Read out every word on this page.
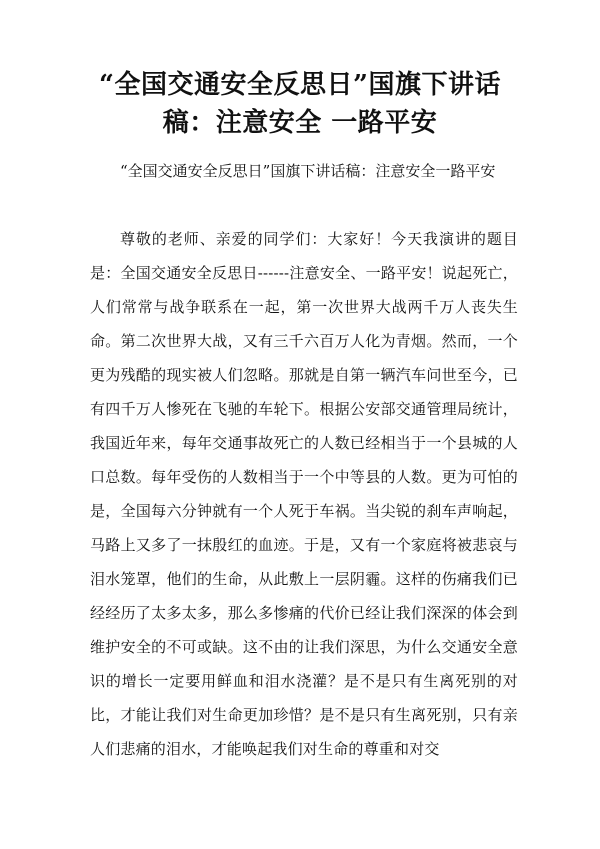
“全国交通安全反思日”国旗下讲话
稿：注意安全 一路平安

“全国交通安全反思日”国旗下讲话稿：注意安全一路平安

尊敬的老师、亲爱的同学们：大家好！今天我演讲的题目是：全国交通安全反思日------注意安全、一路平安！说起死亡，人们常常与战争联系在一起，第一次世界大战两千万人丧失生命。第二次世界大战，又有三千六百万人化为青烟。然而，一个更为残酷的现实被人们忽略。那就是自第一辆汽车问世至今，已有四千万人惨死在飞驰的车轮下。根据公安部交通管理局统计，我国近年来，每年交通事故死亡的人数已经相当于一个县城的人口总数。每年受伤的人数相当于一个中等县的人数。更为可怕的是，全国每六分钟就有一个人死于车祸。当尖锐的刹车声响起，马路上又多了一抹殷红的血迹。于是，又有一个家庭将被悲哀与泪水笼罩，他们的生命，从此敷上一层阴霾。这样的伤痛我们已经经历了太多太多，那么多惨痛的代价已经让我们深深的体会到维护安全的不可或缺。这不由的让我们深思，为什么交通安全意识的增长一定要用鲜血和泪水浇灌？是不是只有生离死别的对比，才能让我们对生命更加珍惜？是不是只有生离死别，只有亲人们悲痛的泪水，才能唤起我们对生命的尊重和对交
